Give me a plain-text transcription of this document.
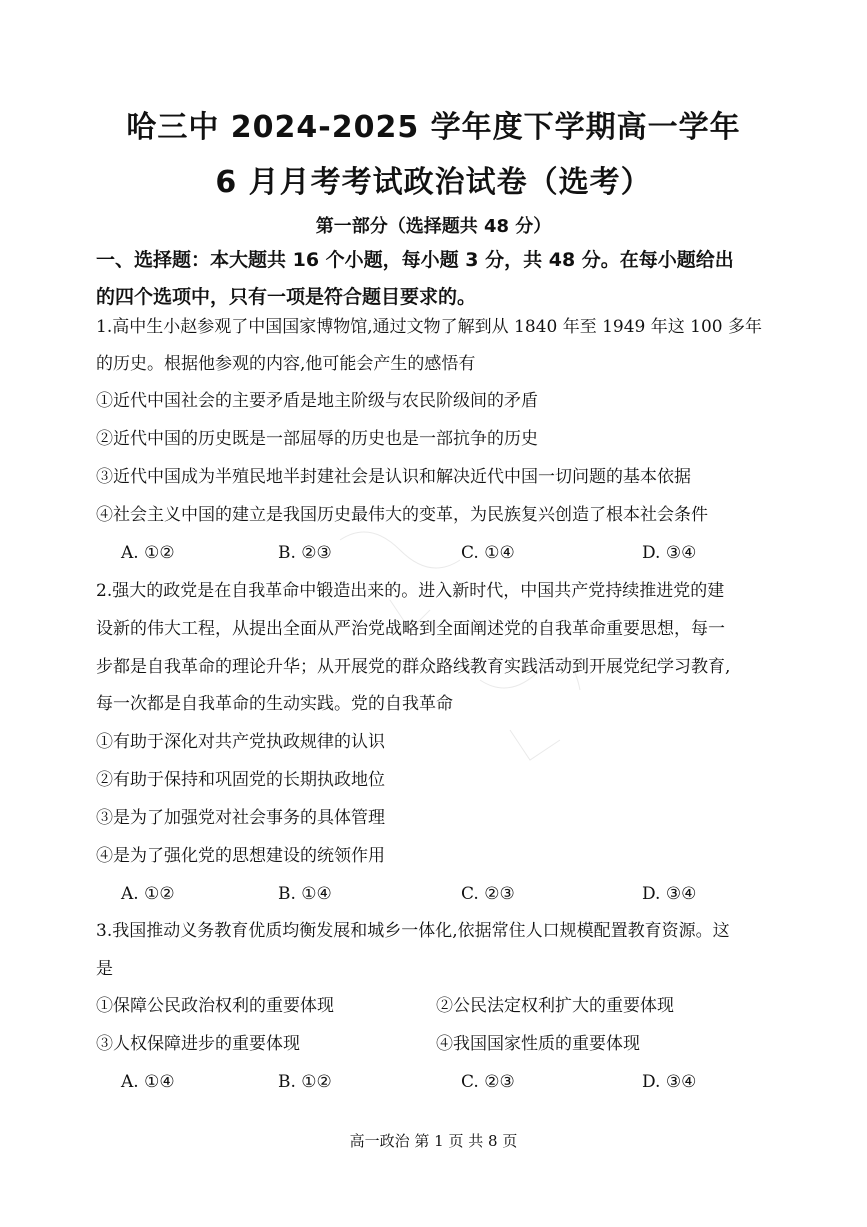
哈三中 2024-2025 学年度下学期高一学年
6 月月考考试政治试卷（选考）
第一部分（选择题共 48 分）
一、选择题：本大题共 16 个小题，每小题 3 分，共 48 分。在每小题给出
的四个选项中，只有一项是符合题目要求的。
1.高中生小赵参观了中国国家博物馆,通过文物了解到从 1840 年至 1949 年这 100 多年
的历史。根据他参观的内容,他可能会产生的感悟有
①近代中国社会的主要矛盾是地主阶级与农民阶级间的矛盾
②近代中国的历史既是一部屈辱的历史也是一部抗争的历史
③近代中国成为半殖民地半封建社会是认识和解决近代中国一切问题的基本依据
④社会主义中国的建立是我国历史最伟大的变革，为民族复兴创造了根本社会条件
A. ①②	B. ②③	C. ①④	D. ③④
2.强大的政党是在自我革命中锻造出来的。进入新时代，中国共产党持续推进党的建
设新的伟大工程，从提出全面从严治党战略到全面阐述党的自我革命重要思想，每一
步都是自我革命的理论升华；从开展党的群众路线教育实践活动到开展党纪学习教育,
每一次都是自我革命的生动实践。党的自我革命
①有助于深化对共产党执政规律的认识
②有助于保持和巩固党的长期执政地位
③是为了加强党对社会事务的具体管理
④是为了强化党的思想建设的统领作用
A. ①②	B. ①④	C. ②③	D. ③④
3.我国推动义务教育优质均衡发展和城乡一体化,依据常住人口规模配置教育资源。这
是
①保障公民政治权利的重要体现	②公民法定权利扩大的重要体现
③人权保障进步的重要体现	④我国国家性质的重要体现
A. ①④	B. ①②	C. ②③	D. ③④
高一政治 第 1 页 共 8 页
